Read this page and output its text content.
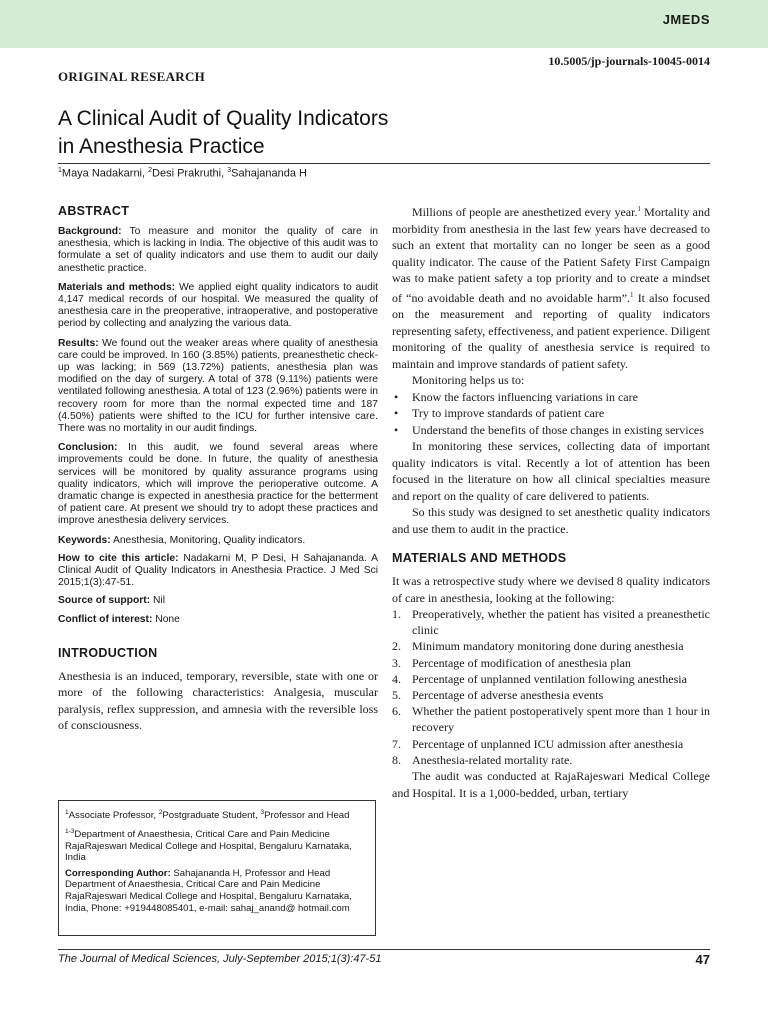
JMEDS
10.5005/jp-journals-10045-0014
ORIGINAL RESEARCH
A Clinical Audit of Quality Indicators
in Anesthesia Practice
$^1$Maya Nadakarni, $^2$Desi Prakruthi, $^3$Sahajananda H

ABSTRACT

Background: To measure and monitor the quality of care in anesthesia, which is lacking in India. The objective of this audit was to formulate a set of quality indicators and use them to audit our daily anesthetic practice.

Materials and methods: We applied eight quality indicators to audit 4,147 medical records of our hospital. We measured the quality of anesthesia care in the preoperative, intraoperative, and postoperative period by collecting and analyzing the various data.

Results: We found out the weaker areas where quality of anesthesia care could be improved. In 160 (3.85%) patients, preanesthetic check-up was lacking; in 569 (13.72%) patients, anesthesia plan was modified on the day of surgery. A total of 378 (9.11%) patients were ventilated following anesthesia. A total of 123 (2.96%) patients were in recovery room for more than the normal expected time and 187 (4.50%) patients were shifted to the ICU for further intensive care. There was no mortality in our audit findings.

Conclusion: In this audit, we found several areas where improvements could be done. In future, the quality of anesthesia services will be monitored by quality assurance programs using quality indicators, which will improve the perioperative outcome. A dramatic change is expected in anesthesia practice for the betterment of patient care. At present we should try to adopt these practices and improve anesthesia delivery services.

Keywords: Anesthesia, Monitoring, Quality indicators.

How to cite this article: Nadakarni M, P Desi, H Sahajananda. A Clinical Audit of Quality Indicators in Anesthesia Practice. J Med Sci 2015;1(3):47-51.

Source of support: Nil

Conflict of interest: None

INTRODUCTION

Anesthesia is an induced, temporary, reversible, state with one or more of the following characteristics: Analgesia, muscular paralysis, reflex suppression, and amnesia with the reversible loss of consciousness.

$^1$Associate Professor, $^2$Postgraduate Student, $^3$Professor and Head

$^{1-3}$Department of Anaesthesia, Critical Care and Pain Medicine RajaRajeswari Medical College and Hospital, Bengaluru Karnataka, India

Corresponding Author: Sahajananda H, Professor and Head Department of Anaesthesia, Critical Care and Pain Medicine RajaRajeswari Medical College and Hospital, Bengaluru Karnataka, India, Phone: +919448085401, e-mail: sahaj_anand@ hotmail.com

Millions of people are anesthetized every year.$^1$ Mortality and morbidity from anesthesia in the last few years have decreased to such an extent that mortality can no longer be seen as a good quality indicator. The cause of the Patient Safety First Campaign was to make patient safety a top priority and to create a mindset of “no avoidable death and no avoidable harm”.$^1$ It also focused on the measurement and reporting of quality indicators representing safety, effectiveness, and patient experience. Diligent monitoring of the quality of anesthesia service is required to maintain and improve standards of patient safety.

Monitoring helps us to:

• Know the factors influencing variations in care
• Try to improve standards of patient care
• Understand the benefits of those changes in existing services

In monitoring these services, collecting data of important quality indicators is vital. Recently a lot of attention has been focused in the literature on how all clinical specialties measure and report on the quality of care delivered to patients.

So this study was designed to set anesthetic quality indicators and use them to audit in the practice.

MATERIALS AND METHODS

It was a retrospective study where we devised 8 quality indicators of care in anesthesia, looking at the following:

1. Preoperatively, whether the patient has visited a preanesthetic clinic
2. Minimum mandatory monitoring done during anesthesia
3. Percentage of modification of anesthesia plan
4. Percentage of unplanned ventilation following anesthesia
5. Percentage of adverse anesthesia events
6. Whether the patient postoperatively spent more than 1 hour in recovery
7. Percentage of unplanned ICU admission after anesthesia
8. Anesthesia-related mortality rate.

The audit was conducted at RajaRajeswari Medical College and Hospital. It is a 1,000-bedded, urban, tertiary

The Journal of Medical Sciences, July-September 2015;1(3):47-51	47
